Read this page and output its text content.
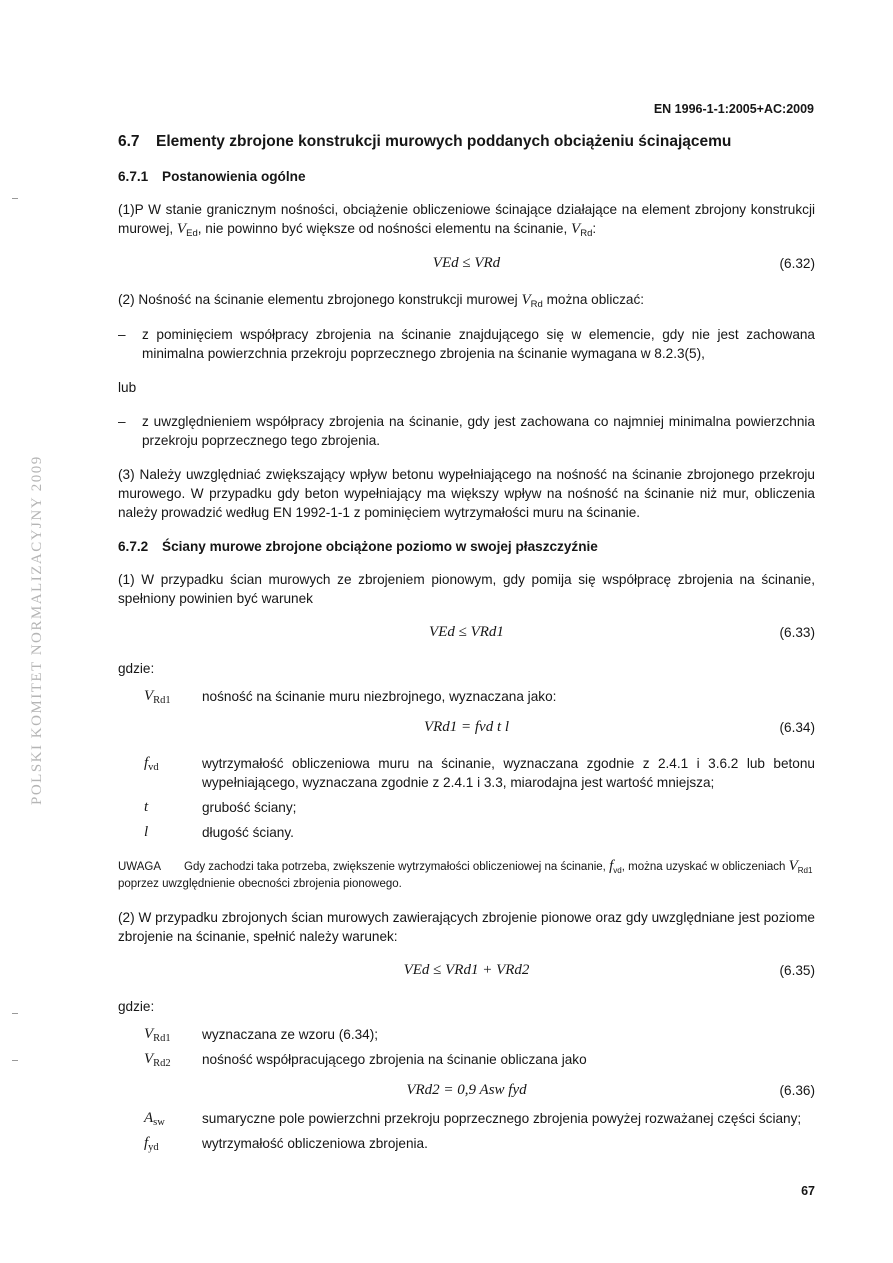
POLSKI KOMITET NORMALIZACYJNY 2009
EN 1996-1-1:2005+AC:2009
6.7 Elementy zbrojone konstrukcji murowych poddanych obciążeniu ścinającemu
6.7.1 Postanowienia ogólne

(1)P W stanie granicznym nośności, obciążenie obliczeniowe ścinające działające na element zbrojony konstrukcji murowej, $V_{Ed}$, nie powinno być większe od nośności elementu na ścinanie, $V_{Rd}$:

VEd ≤ VRd	(6.32)

(2) Nośność na ścinanie elementu zbrojonego konstrukcji murowej $V_{Rd}$ można obliczać:

– z pominięciem współpracy zbrojenia na ścinanie znajdującego się w elemencie, gdy nie jest zachowana minimalna powierzchnia przekroju poprzecznego zbrojenia na ścinanie wymagana w 8.2.3(5),
lub
– z uwzględnieniem współpracy zbrojenia na ścinanie, gdy jest zachowana co najmniej minimalna powierzchnia przekroju poprzecznego tego zbrojenia.

(3) Należy uwzględniać zwiększający wpływ betonu wypełniającego na nośność na ścinanie zbrojonego przekroju murowego. W przypadku gdy beton wypełniający ma większy wpływ na nośność na ścinanie niż mur, obliczenia należy prowadzić według EN 1992-1-1 z pominięciem wytrzymałości muru na ścinanie.

6.7.2 Ściany murowe zbrojone obciążone poziomo w swojej płaszczyźnie

(1) W przypadku ścian murowych ze zbrojeniem pionowym, gdy pomija się współpracę zbrojenia na ścinanie, spełniony powinien być warunek

VEd ≤ VRd1	(6.33)
gdzie:
$V_{Rd1}$	nośność na ścinanie muru niezbrojnego, wyznaczana jako:
VRd1 = fvd t l	(6.34)
$f_{vd}$	wytrzymałość obliczeniowa muru na ścinanie, wyznaczana zgodnie z 2.4.1 i 3.6.2 lub betonu wypełniającego, wyznaczana zgodnie z 2.4.1 i 3.3, miarodajna jest wartość mniejsza;
t	grubość ściany;
l	długość ściany.
UWAGA Gdy zachodzi taka potrzeba, zwiększenie wytrzymałości obliczeniowej na ścinanie, $f_{vd}$, można uzyskać w obliczeniach $V_{Rd1}$ poprzez uwzględnienie obecności zbrojenia pionowego.

(2) W przypadku zbrojonych ścian murowych zawierających zbrojenie pionowe oraz gdy uwzględniane jest poziome zbrojenie na ścinanie, spełnić należy warunek:

VEd ≤ VRd1 + VRd2	(6.35)
gdzie:
$V_{Rd1}$	wyznaczana ze wzoru (6.34);
$V_{Rd2}$	nośność współpracującego zbrojenia na ścinanie obliczana jako
VRd2 = 0,9 Asw fyd	(6.36)
$A_{sw}$	sumaryczne pole powierzchni przekroju poprzecznego zbrojenia powyżej rozważanej części ściany;
$f_{yd}$	wytrzymałość obliczeniowa zbrojenia.
67
